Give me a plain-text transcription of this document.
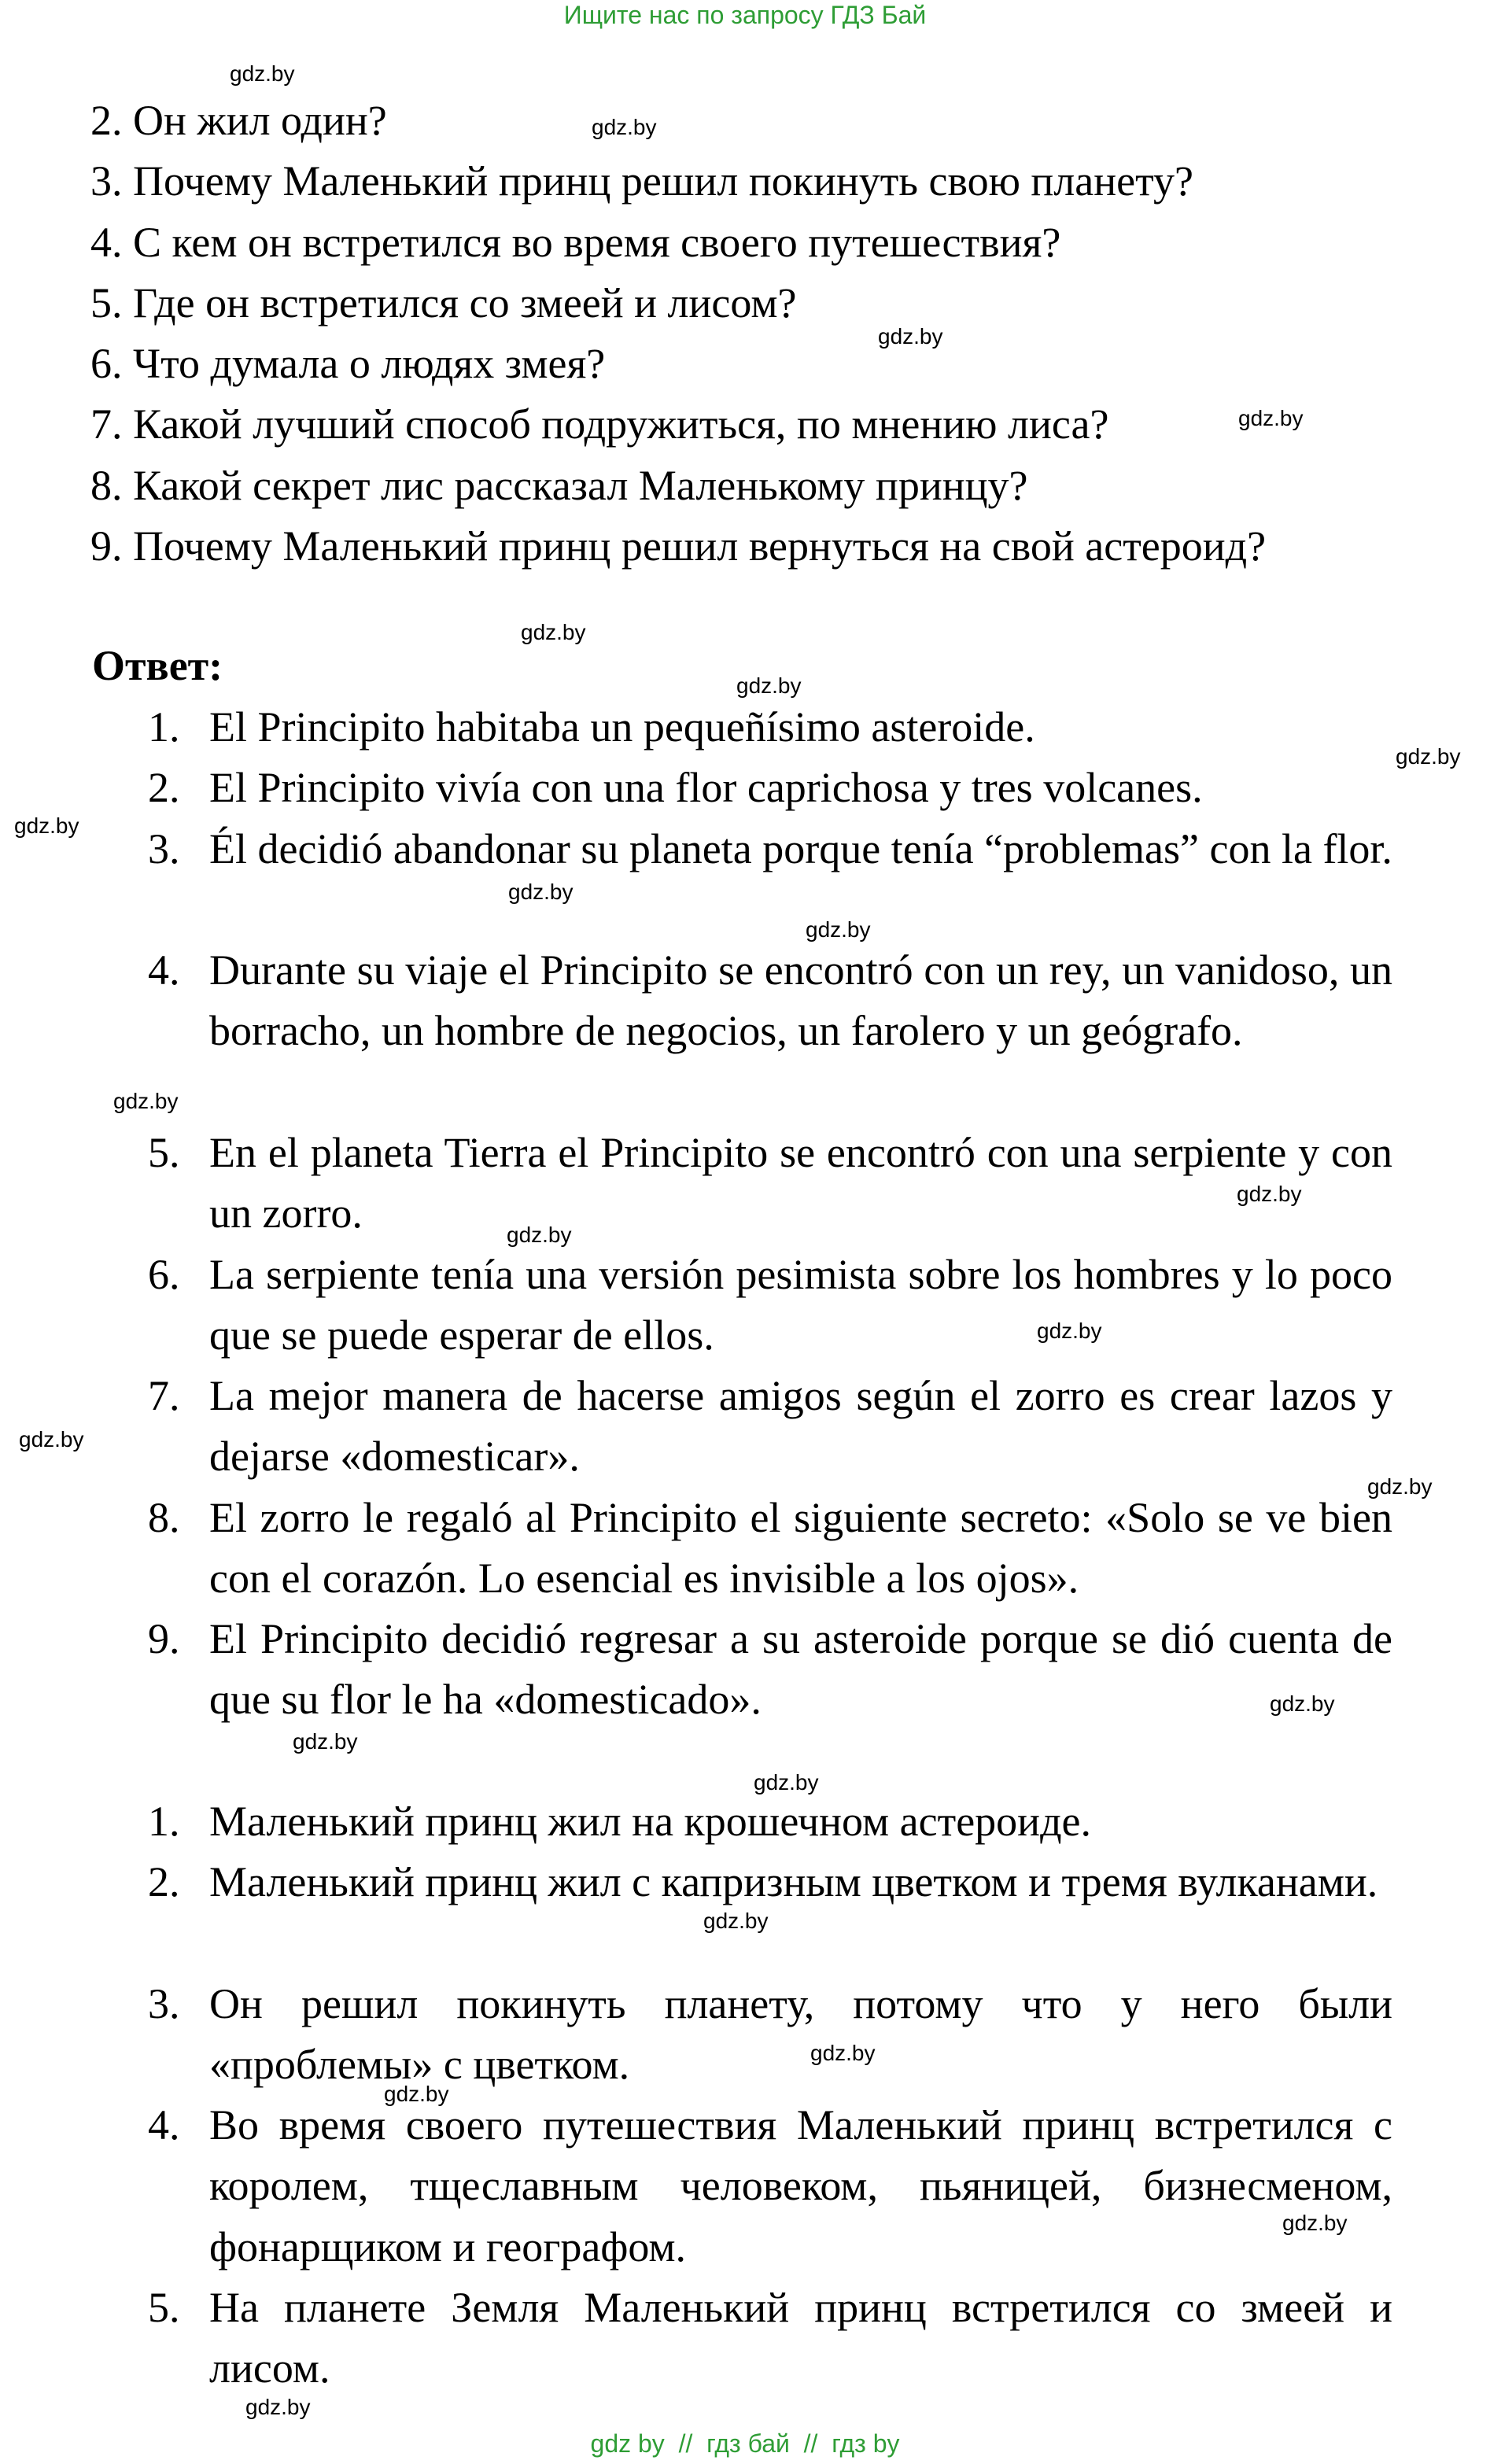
Ищите нас по запросу ГДЗ Бай
2. Он жил один?
3. Почему Маленький принц решил покинуть свою планету?
4. С кем он встретился во время своего путешествия?
5. Где он встретился со змеей и лисом?
6. Что думала о людях змея?
7. Какой лучший способ подружиться, по мнению лиса?
8. Какой секрет лис рассказал Маленькому принцу?
9. Почему Маленький принц решил вернуться на свой астероид?
Ответ:
1. El Principito habitaba un pequeñísimo asteroide.
2. El Principito vivía con una flor caprichosa y tres volcanes.
3. Él decidió abandonar su planeta porque tenía “problemas” con la flor.
4. Durante su viaje el Principito se encontró con un rey, un vanidoso, un borracho, un hombre de negocios, un farolero y un geógrafo.
5. En el planeta Tierra el Principito se encontró con una serpiente y con un zorro.
6. La serpiente tenía una versión pesimista sobre los hombres y lo poco que se puede esperar de ellos.
7. La mejor manera de hacerse amigos según el zorro es crear lazos y dejarse «domesticar».
8. El zorro le regaló al Principito el siguiente secreto: «Solo se ve bien con el corazón. Lo esencial es invisible a los ojos».
9. El Principito decidió regresar a su asteroide porque se dió cuenta de que su flor le ha «domesticado».
1. Маленький принц жил на крошечном астероиде.
2. Маленький принц жил с капризным цветком и тремя вулканами.
3. Он решил покинуть планету, потому что у него были «проблемы» с цветком.
4. Во время своего путешествия Маленький принц встретился с королем, тщеславным человеком, пьяницей, бизнесменом, фонарщиком и географом.
5. На планете Земля Маленький принц встретился со змеей и лисом.
gdz.by
gdz.by
gdz.by
gdz.by
gdz.by
gdz.by
gdz.by
gdz.by
gdz.by
gdz.by
gdz.by
gdz.by
gdz.by
gdz.by
gdz.by
gdz.by
gdz.by
gdz.by
gdz.by
gdz.by
gdz.by
gdz.by
gdz.by
gdz.by
gdz by // гдз бай // гдз by
